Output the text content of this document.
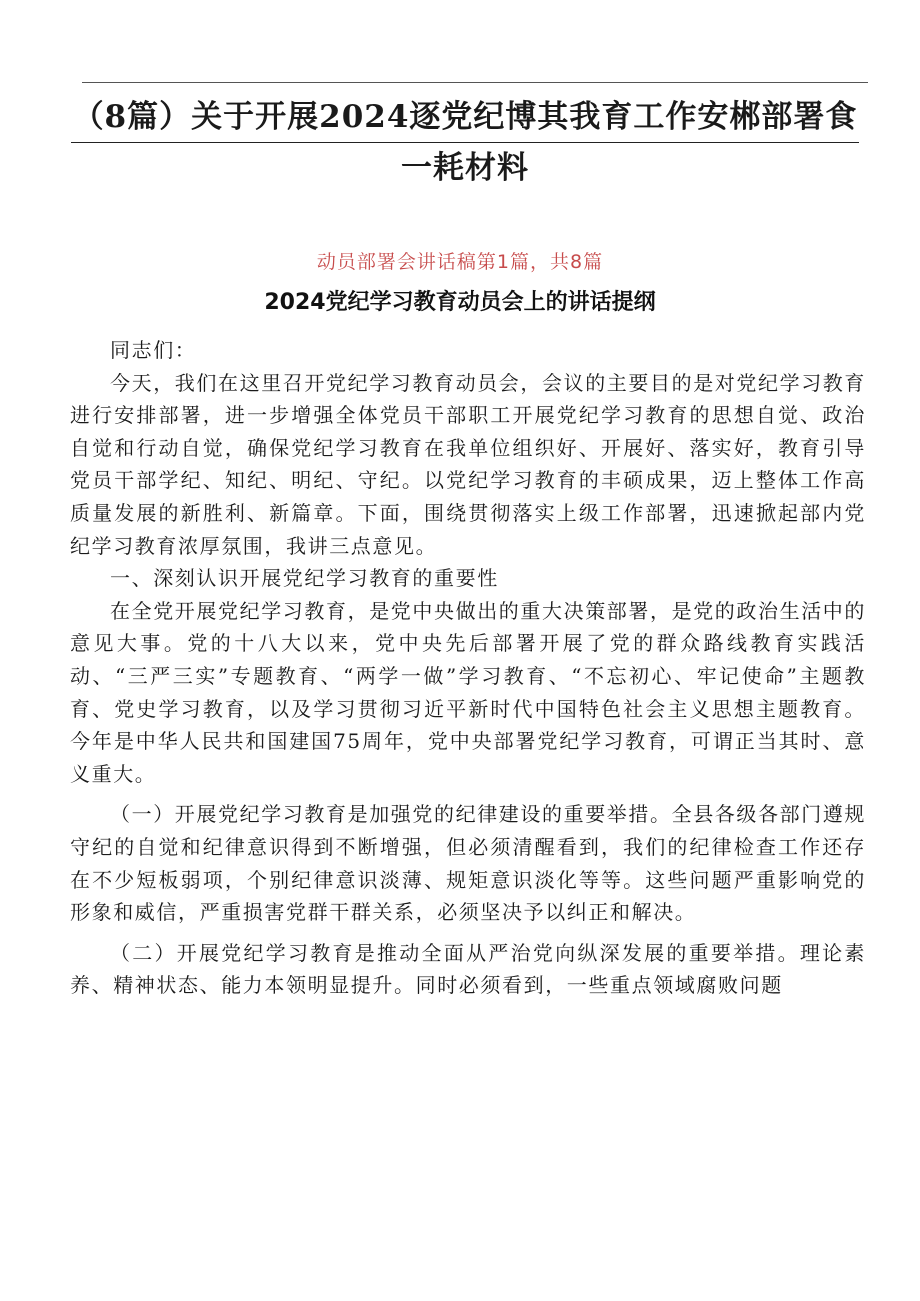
（8篇）关于开展2024逐党纪博其我育工作安郴部署食
一耗材料

动员部署会讲话稿第1篇，共8篇

2024党纪学习教育动员会上的讲话提纲

同志们：

今天，我们在这里召开党纪学习教育动员会，会议的主要目的是对党纪学习教育进行安排部署，进一步增强全体党员干部职工开展党纪学习教育的思想自觉、政治自觉和行动自觉，确保党纪学习教育在我单位组织好、开展好、落实好，教育引导党员干部学纪、知纪、明纪、守纪。以党纪学习教育的丰硕成果，迈上整体工作高质量发展的新胜利、新篇章。下面，围绕贯彻落实上级工作部署，迅速掀起部内党纪学习教育浓厚氛围，我讲三点意见。

一、深刻认识开展党纪学习教育的重要性

在全党开展党纪学习教育，是党中央做出的重大决策部署，是党的政治生活中的意见大事。党的十八大以来，党中央先后部署开展了党的群众路线教育实践活动、“三严三实”专题教育、“两学一做”学习教育、“不忘初心、牢记使命”主题教育、党史学习教育，以及学习贯彻习近平新时代中国特色社会主义思想主题教育。今年是中华人民共和国建国75周年，党中央部署党纪学习教育，可谓正当其时、意义重大。

（一）开展党纪学习教育是加强党的纪律建设的重要举措。全县各级各部门遵规守纪的自觉和纪律意识得到不断增强，但必须清醒看到，我们的纪律检查工作还存在不少短板弱项，个别纪律意识淡薄、规矩意识淡化等等。这些问题严重影响党的形象和威信，严重损害党群干群关系，必须坚决予以纠正和解决。

（二）开展党纪学习教育是推动全面从严治党向纵深发展的重要举措。理论素养、精神状态、能力本领明显提升。同时必须看到，一些重点领域腐败问题
